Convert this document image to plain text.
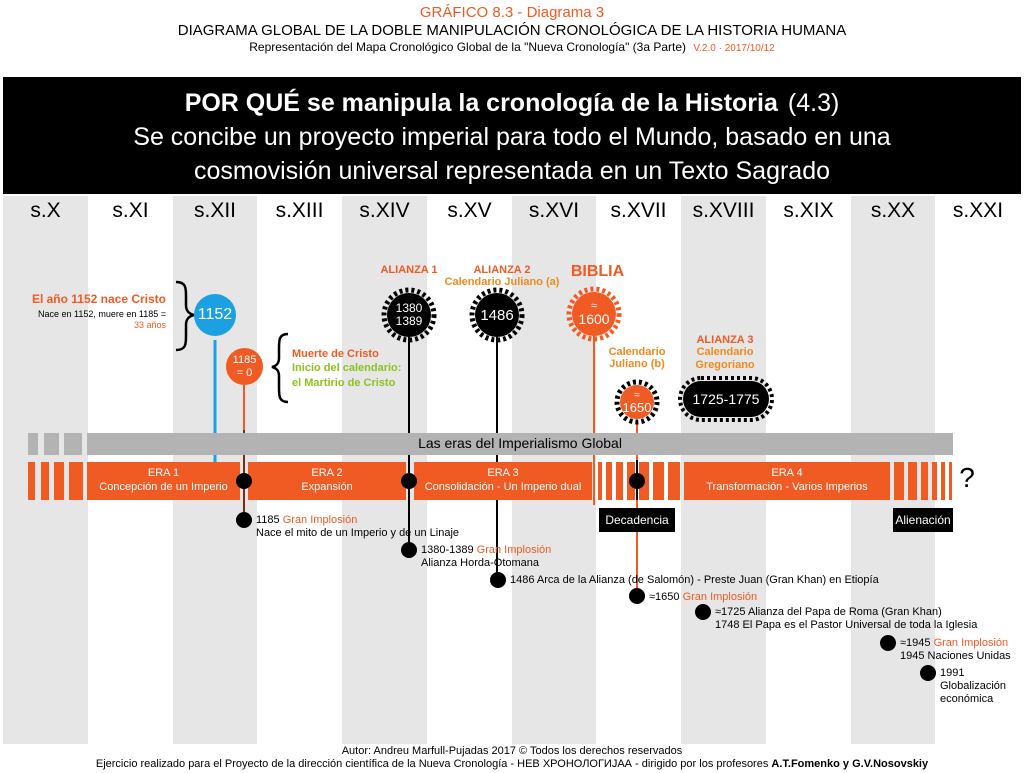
GRÁFICO 8.3 - Diagrama 3
DIAGRAMA GLOBAL DE LA DOBLE MANIPULACIÓN CRONOLÓGICA DE LA HISTORIA HUMANA
Representación del Mapa Cronológico Global de la "Nueva Cronología" (3a Parte) V.2.0 · 2017/10/12
POR QUÉ se manipula la cronología de la Historia (4.3)
Se concibe un proyecto imperial para todo el Mundo, basado en una
cosmovisión universal representada en un Texto Sagrado
s.X	s.XI	s.XII	s.XIII	s.XIV	s.XV	s.XVI	s.XVII	s.XVIII	s.XIX	s.XX	s.XXI
1152
1185
= 0
1380
1389	1486
≈
1600
≈
1650	1725-1775
El año 1152 nace Cristo
Nace en 1152, muere en 1185 =
33 años
Muerte de Cristo
Inicio del calendario:
el Martirio de Cristo
ALIANZA 1	ALIANZA 2
Calendario Juliano (a)
BIBLIA
Calendario
Juliano (b)
ALIANZA 3
Calendario
Gregoriano
Las eras del Imperialismo Global
ERA 1
Concepción de un Imperio
ERA 2
Expansión
ERA 3
Consolidación - Un Imperio dual
ERA 4
Transformación - Varios Imperios	?
Decadencia	Alienación
1185 Gran Implosión
Nace el mito de un Imperio y de un Linaje
1380-1389 Gran Implosión
Alianza Horda-Otomana
1486 Arca de la Alianza (de Salomón) - Preste Juan (Gran Khan) en Etiopía
≈1650 Gran Implosión
≈1725 Alianza del Papa de Roma (Gran Khan)
1748 El Papa es el Pastor Universal de toda la Iglesia
≈1945 Gran Implosión
1945 Naciones Unidas
1991
Globalización
económica
Autor: Andreu Marfull-Pujadas 2017 © Todos los derechos reservados
Ejercicio realizado para el Proyecto de la dirección científica de la Nueva Cronología - НЕВ ХРОНОЛОГИЈАА - dirigido por los profesores A.T.Fomenko y G.V.Nosovskiy
